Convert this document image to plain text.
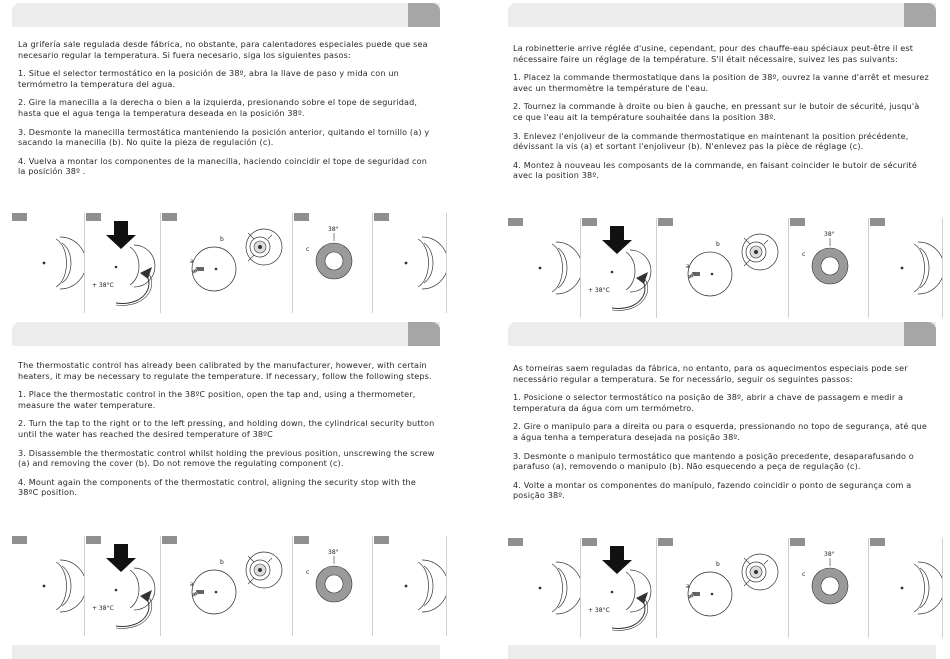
La grifería sale regulada desde fábrica, no obstante, para calentadores especiales puede que sea necesario regular la temperatura. Si fuera necesario, siga los siguientes pasos:

1. Situe el selector termostático en la posición de 38º, abra la llave de paso y mida con un termómetro la temperatura del agua.

2. Gire la manecilla a la derecha o bien a la izquierda, presionando sobre el tope de seguridad, hasta que el agua tenga la temperatura deseada en la posición 38º.

3. Desmonte la manecilla termostática manteniendo la posición anterior, quitando el tornillo (a) y sacando la manecilla (b). No quite la pieza de regulación (c).

4. Vuelva a montar los componentes de la manecilla, haciendo coincidir el tope de seguridad con la posición 38º .

+ 38°C
b
a
38°
c

La robinetterie arrive réglée d'usine, cependant, pour des chauffe-eau spéciaux peut-être il est nécessaire faire un réglage de la température. S'il était nécessaire, suivez les pas suivants:

1. Placez la commande thermostatique dans la position de 38º, ouvrez la vanne d'arrêt et mesurez avec un thermomètre la température de l'eau.

2. Tournez la commande à droite ou bien à gauche, en pressant sur le butoir de sécurité, jusqu'à ce que l'eau ait la température souhaitée dans la position 38º.

3. Enlevez l'enjoliveur de la commande thermostatique en maintenant la position précédente, dévissant la vis (a) et sortant l'enjoliveur (b). N'enlevez pas la pièce de réglage (c).

4. Montez à nouveau les composants de la commande, en faisant coincider le butoir de sécurité avec la position 38º.

+ 38°C
b
a
38°
c

The thermostatic control has already been calibrated by the manufacturer, however, with certain heaters, it may be necessary to regulate the temperature. If necessary, follow the following steps.

1. Place the thermostatic control in the 38ºC position, open the tap and, using a thermometer, measure the water temperature.

2. Turn the tap to the right or to the left pressing, and holding down, the cylindrical security button until the water has reached the desired temperature of 38ºC

3. Disassemble the thermostatic control whilst holding the previous position, unscrewing the screw (a) and removing the cover (b). Do not remove the regulating component (c).

4. Mount again the components of the thermostatic control, aligning the security stop with the 38ºC position.

+ 38°C
b
a
38°
c

As torneiras saem reguladas da fábrica, no entanto, para os aquecimentos especiais pode ser necessário regular a temperatura. Se for necessário, seguir os seguintes passos:

1. Posicione o selector termostático na posição de 38º, abrir a chave de passagem e medir a temperatura da água com um termómetro.

2. Gire o manipulo para a direita ou para o esquerda, pressionando no topo de segurança, até que a água tenha a temperatura desejada na posição 38º.

3. Desmonte o manipulo termostático que mantendo a posição precedente, desaparafusando o parafuso (a), removendo o manipulo (b). Não esquecendo a peça de regulação (c).

4. Volte a montar os componentes do manípulo, fazendo coincidir o ponto de segurança com a posição 38º.

+ 38°C
b
a
38°
c
